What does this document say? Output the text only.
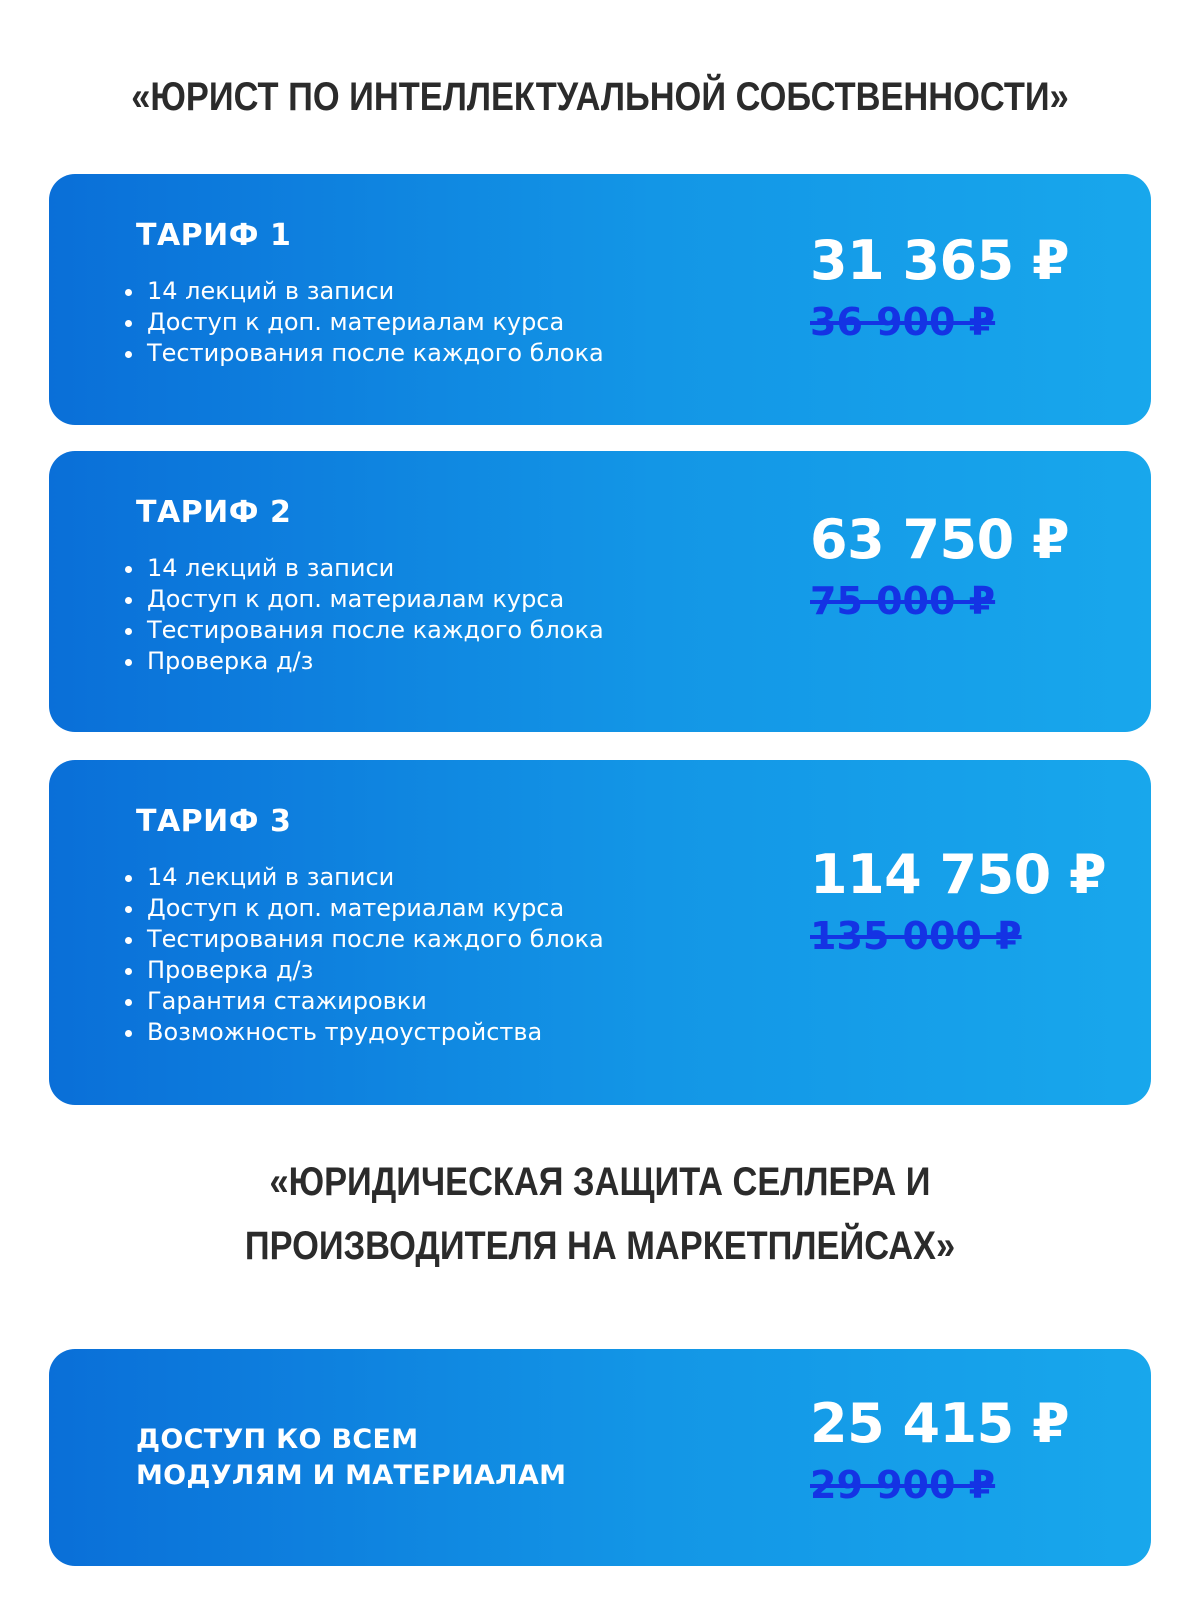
«ЮРИСТ ПО ИНТЕЛЛЕКТУАЛЬНОЙ СОБСТВЕННОСТИ»
ТАРИФ 1
14 лекций в записи
Доступ к доп. материалам курса
Тестирования после каждого блока
31 365 ₽
36 900 ₽
ТАРИФ 2
14 лекций в записи
Доступ к доп. материалам курса
Тестирования после каждого блока
Проверка д/з
63 750 ₽
75 000 ₽
ТАРИФ 3
14 лекций в записи
Доступ к доп. материалам курса
Тестирования после каждого блока
Проверка д/з
Гарантия стажировки
Возможность трудоустройства
114 750 ₽
135 000 ₽
«ЮРИДИЧЕСКАЯ ЗАЩИТА СЕЛЛЕРА И
ПРОИЗВОДИТЕЛЯ НА МАРКЕТПЛЕЙСАХ»
ДОСТУП КО ВСЕМ
МОДУЛЯМ И МАТЕРИАЛАМ
25 415 ₽
29 900 ₽
